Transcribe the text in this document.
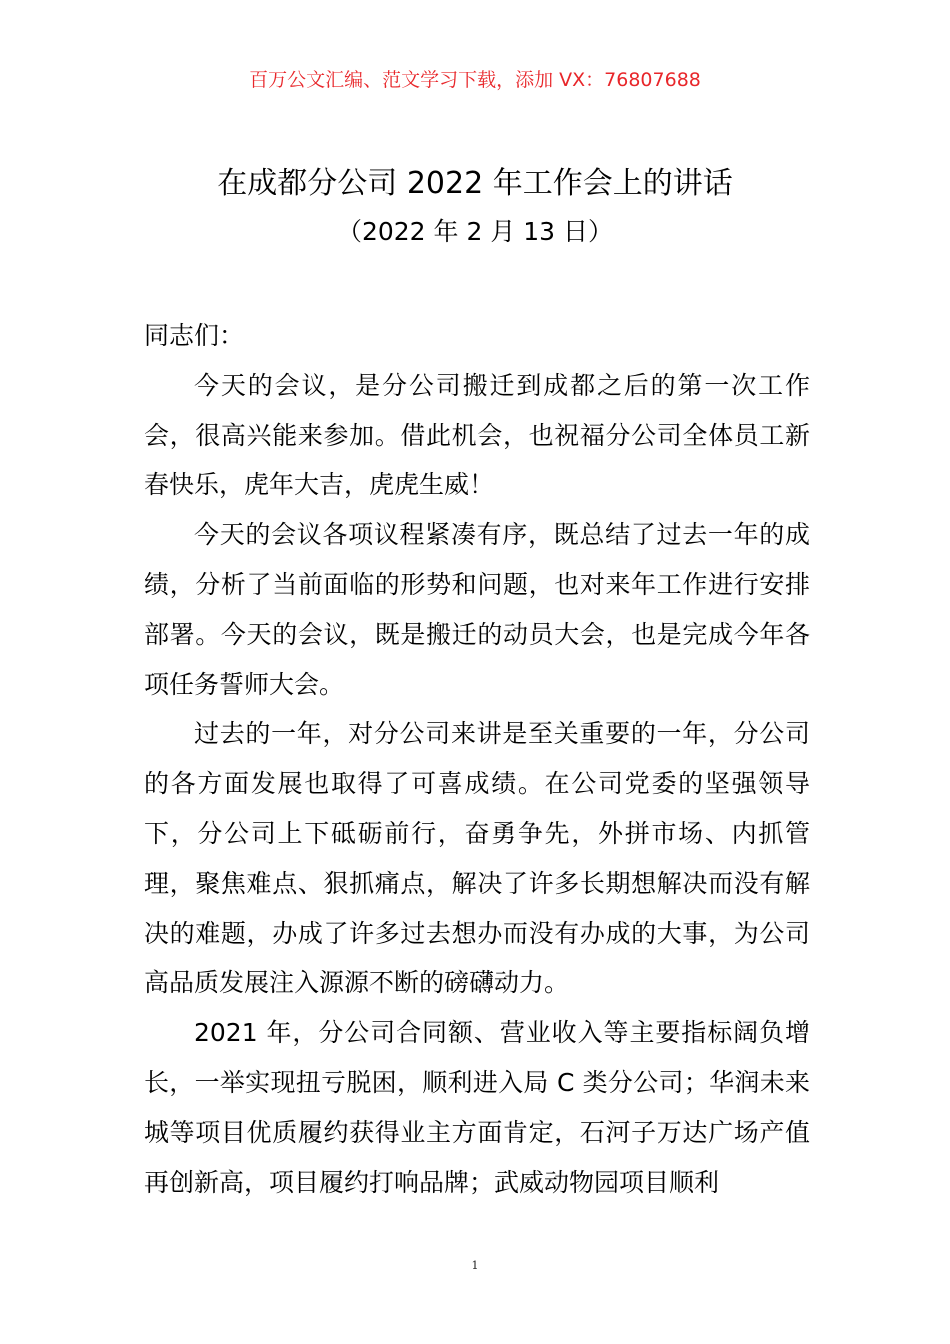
百万公文汇编、范文学习下载，添加 VX：76807688
在成都分公司 2022 年工作会上的讲话
（2022 年 2 月 13 日）

同志们：

今天的会议，是分公司搬迁到成都之后的第一次工作会，很高兴能来参加。借此机会，也祝福分公司全体员工新春快乐，虎年大吉，虎虎生威！

今天的会议各项议程紧凑有序，既总结了过去一年的成绩，分析了当前面临的形势和问题，也对来年工作进行安排部署。今天的会议，既是搬迁的动员大会，也是完成今年各项任务誓师大会。

过去的一年，对分公司来讲是至关重要的一年，分公司的各方面发展也取得了可喜成绩。在公司党委的坚强领导下，分公司上下砥砺前行，奋勇争先，外拼市场、内抓管理，聚焦难点、狠抓痛点，解决了许多长期想解决而没有解决的难题，办成了许多过去想办而没有办成的大事，为公司高品质发展注入源源不断的磅礴动力。

2021 年，分公司合同额、营业收入等主要指标阔负增长，一举实现扭亏脱困，顺利进入局 C 类分公司；华润未来城等项目优质履约获得业主方面肯定，石河子万达广场产值再创新高，项目履约打响品牌；武威动物园项目顺利

1
